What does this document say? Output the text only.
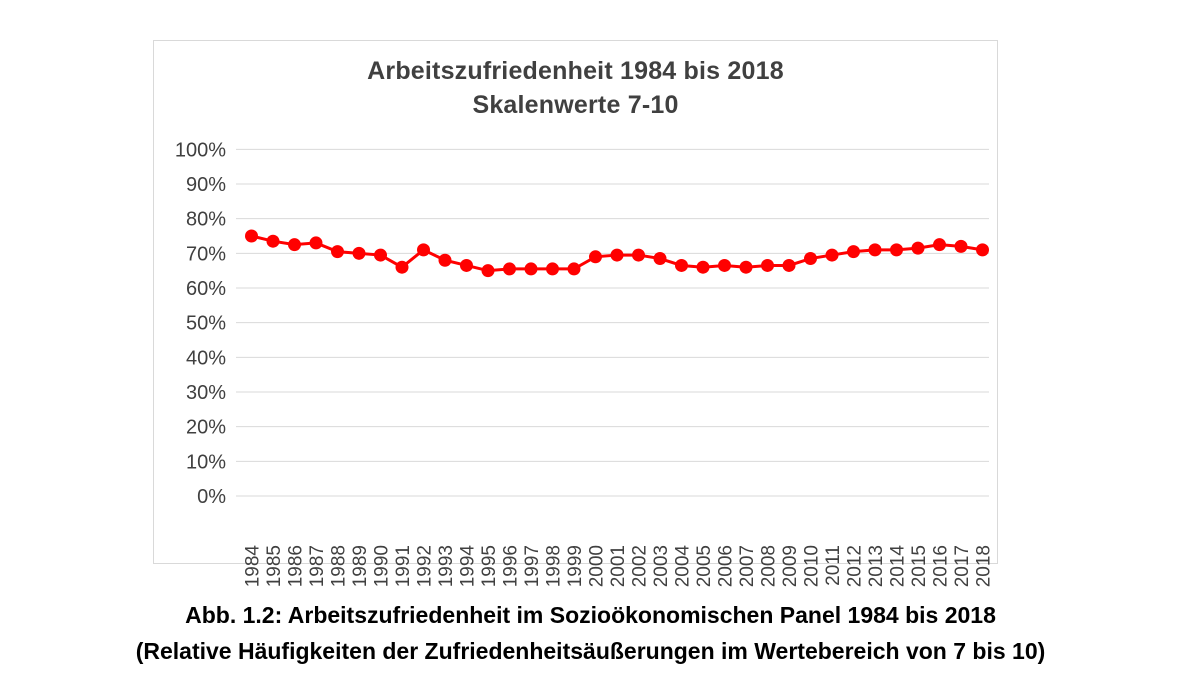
0%
10%
20%
30%
40%
50%
60%
70%
80%
90%
100%
1984 1985 1986 1987 1988 1989 1990 1991 1992 1993 1994 1995 1996 1997 1998 1999 2000 2001 2002 2003 2004 2005 2006 2007 2008 2009 2010 2011 2012 2013 2014 2015 2016 2017 2018
Arbeitszufriedenheit 1984 bis 2018
Skalenwerte 7-10
Abb. 1.2: Arbeitszufriedenheit im Sozioökonomischen Panel 1984 bis 2018
(Relative Häufigkeiten der Zufriedenheitsäußerungen im Wertebereich von 7 bis 10)
